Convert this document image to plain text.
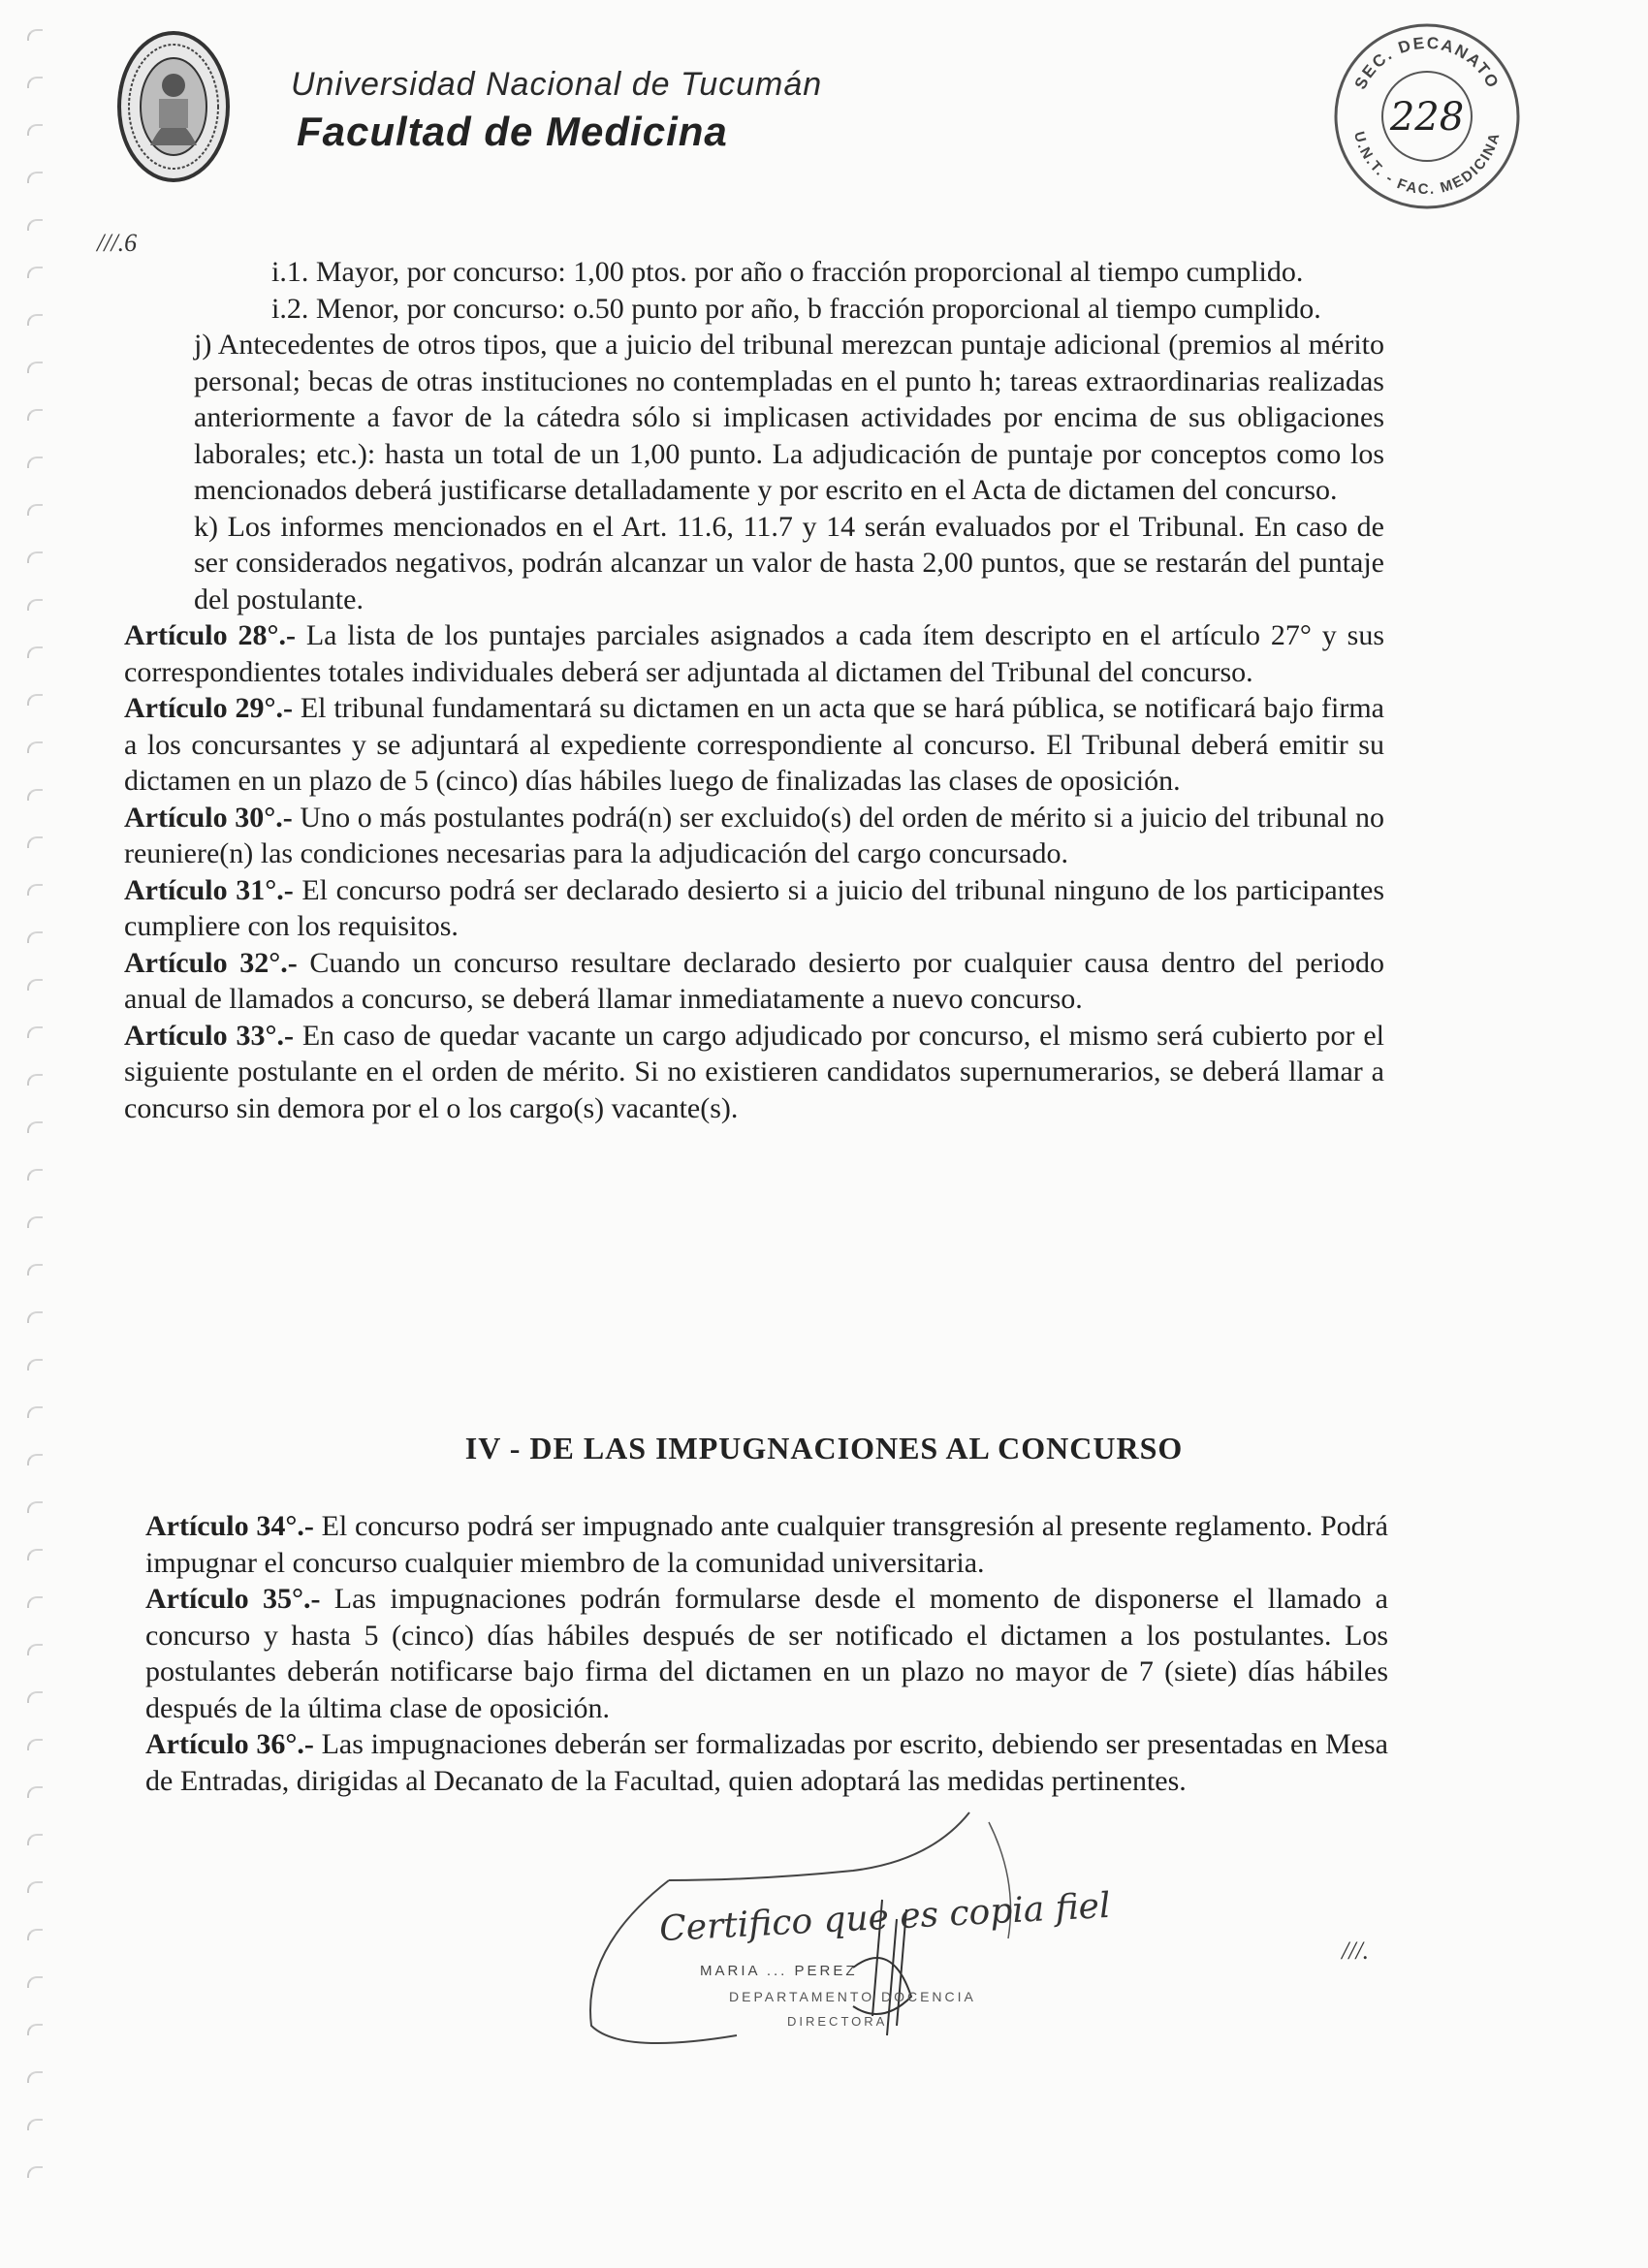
Universidad Nacional de Tucumán
Facultad de Medicina
SEC. DECANATO
U.N.T. - FAC. MEDICINA
228
///.6

i.1. Mayor, por concurso: 1,00 ptos. por año o fracción proporcional al tiempo cumplido.

i.2. Menor, por concurso: o.50 punto por año, b fracción proporcional al tiempo cumplido.

j) Antecedentes de otros tipos, que a juicio del tribunal merezcan puntaje adicional (premios al mérito personal; becas de otras instituciones no contempladas en el punto h; tareas extraordinarias realizadas anteriormente a favor de la cátedra sólo si implicasen actividades por encima de sus obligaciones laborales; etc.): hasta un total de un 1,00 punto. La adjudicación de puntaje por conceptos como los mencionados deberá justificarse detalladamente y por escrito en el Acta de dictamen del concurso.

k) Los informes mencionados en el Art. 11.6, 11.7 y 14 serán evaluados por el Tribunal. En caso de ser considerados negativos, podrán alcanzar un valor de hasta 2,00 puntos, que se restarán del puntaje del postulante.

Artículo 28°.- La lista de los puntajes parciales asignados a cada ítem descripto en el artículo 27° y sus correspondientes totales individuales deberá ser adjuntada al dictamen del Tribunal del concurso.

Artículo 29°.- El tribunal fundamentará su dictamen en un acta que se hará pública, se notificará bajo firma a los concursantes y se adjuntará al expediente correspondiente al concurso. El Tribunal deberá emitir su dictamen en un plazo de 5 (cinco) días hábiles luego de finalizadas las clases de oposición.

Artículo 30°.- Uno o más postulantes podrá(n) ser excluido(s) del orden de mérito si a juicio del tribunal no reuniere(n) las condiciones necesarias para la adjudicación del cargo concursado.

Artículo 31°.- El concurso podrá ser declarado desierto si a juicio del tribunal ninguno de los participantes cumpliere con los requisitos.

Artículo 32°.- Cuando un concurso resultare declarado desierto por cualquier causa dentro del periodo anual de llamados a concurso, se deberá llamar inmediatamente a nuevo concurso.

Artículo 33°.- En caso de quedar vacante un cargo adjudicado por concurso, el mismo será cubierto por el siguiente postulante en el orden de mérito. Si no existieren candidatos supernumerarios, se deberá llamar a concurso sin demora por el o los cargo(s) vacante(s).

IV - DE LAS IMPUGNACIONES AL CONCURSO

Artículo 34°.- El concurso podrá ser impugnado ante cualquier transgresión al presente reglamento. Podrá impugnar el concurso cualquier miembro de la comunidad universitaria.

Artículo 35°.- Las impugnaciones podrán formularse desde el momento de disponerse el llamado a concurso y hasta 5 (cinco) días hábiles después de ser notificado el dictamen a los postulantes. Los postulantes deberán notificarse bajo firma del dictamen en un plazo no mayor de 7 (siete) días hábiles después de la última clase de oposición.

Artículo 36°.- Las impugnaciones deberán ser formalizadas por escrito, debiendo ser presentadas en Mesa de Entradas, dirigidas al Decanato de la Facultad, quien adoptará las medidas pertinentes.

Certifico que es copia fiel
MARIA ... PEREZ
DEPARTAMENTO DOCENCIA
DIRECTORA
///.
